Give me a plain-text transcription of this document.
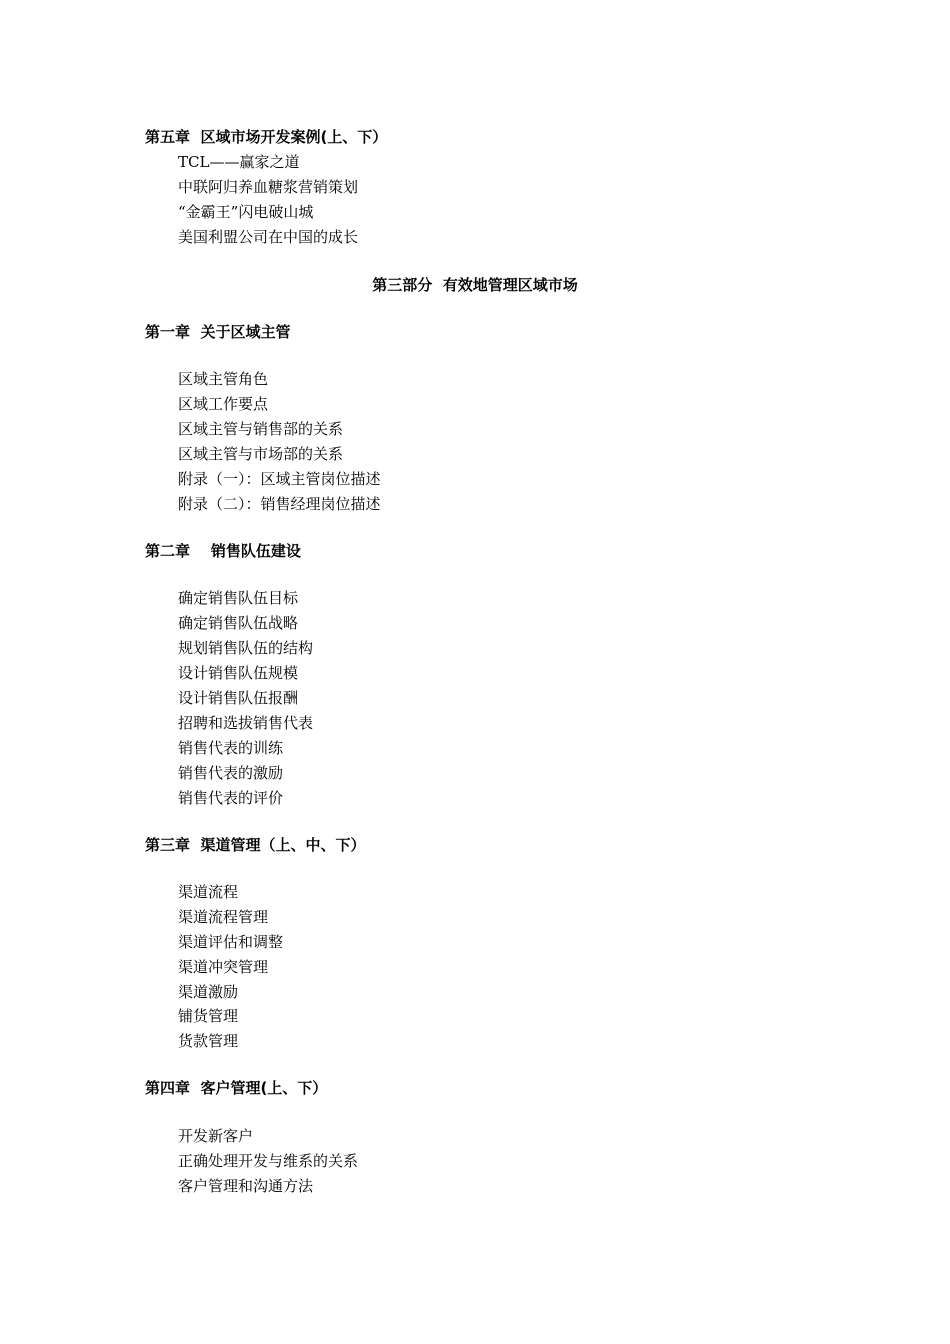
第五章  区域市场开发案例(上、下）
TCL——赢家之道
中联阿归养血糖浆营销策划
“金霸王”闪电破山城
美国利盟公司在中国的成长
第三部分  有效地管理区域市场
第一章  关于区域主管
区域主管角色
区域工作要点
区域主管与销售部的关系
区域主管与市场部的关系
附录（一）：区域主管岗位描述
附录（二）：销售经理岗位描述
第二章    销售队伍建设
确定销售队伍目标
确定销售队伍战略
规划销售队伍的结构
设计销售队伍规模
设计销售队伍报酬
招聘和选拔销售代表
销售代表的训练
销售代表的激励
销售代表的评价
第三章  渠道管理（上、中、下）
渠道流程
渠道流程管理
渠道评估和调整
渠道冲突管理
渠道激励
铺货管理
货款管理
第四章  客户管理(上、下）
开发新客户
正确处理开发与维系的关系
客户管理和沟通方法
